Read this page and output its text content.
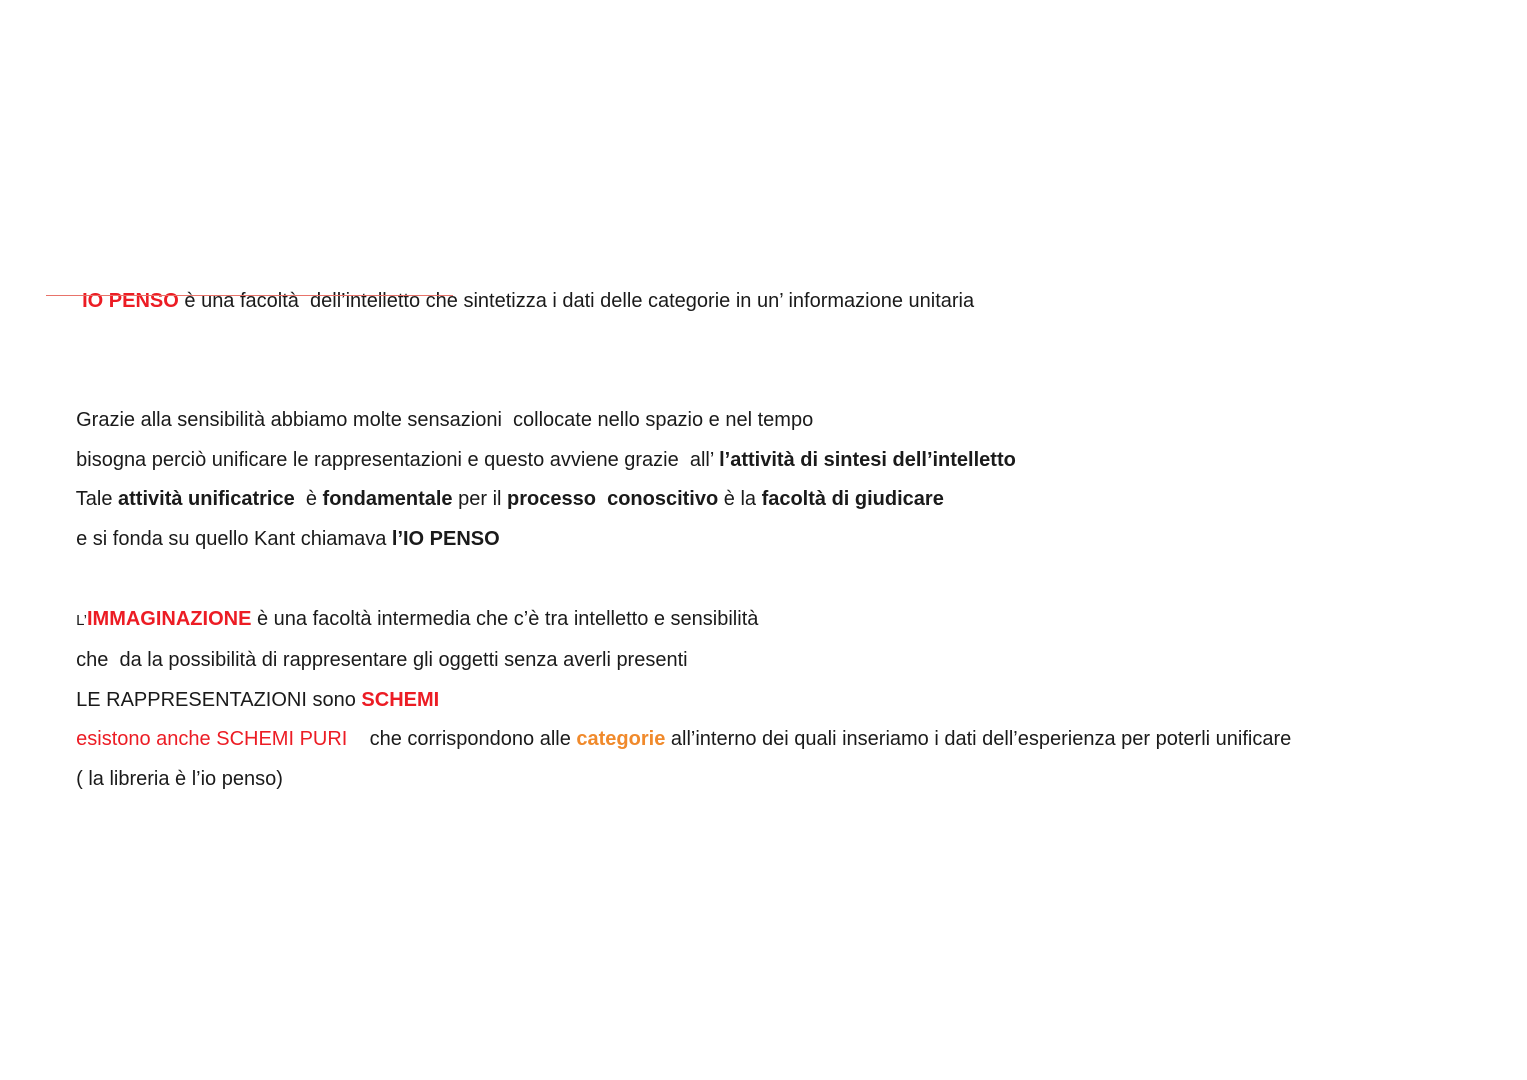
IO PENSO è una facoltà  dell’intelletto che sintetizza i dati delle categorie in un’ informazione unitaria

Grazie alla sensibilità abbiamo molte sensazioni  collocate nello spazio e nel tempo

bisogna perciò unificare le rappresentazioni e questo avviene grazie  all’ l’attività di sintesi dell’intelletto

Tale attività unificatrice  è fondamentale per il processo  conoscitivo è la facoltà di giudicare

e si fonda su quello Kant chiamava l’IO PENSO

L’IMMAGINAZIONE è una facoltà intermedia che c’è tra intelletto e sensibilità

che  da la possibilità di rappresentare gli oggetti senza averli presenti

LE RAPPRESENTAZIONI sono SCHEMI

esistono anche SCHEMI PURI    che corrispondono alle categorie all’interno dei quali inseriamo i dati dell’esperienza per poterli unificare

( la libreria è l’io penso)
